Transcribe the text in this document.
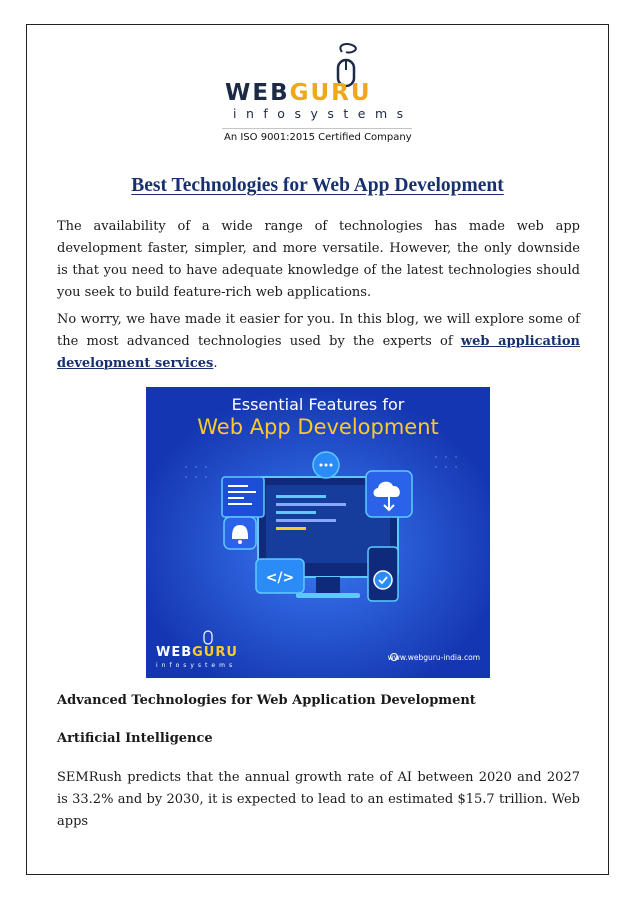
WEBGURU
infosystems
An ISO 9001:2015 Certified Company
Best Technologies for Web App Development

The availability of a wide range of technologies has made web app development faster, simpler, and more versatile. However, the only downside is that you need to have adequate knowledge of the latest technologies should you seek to build feature-rich web applications.

No worry, we have made it easier for you. In this blog, we will explore some of the most advanced technologies used by the experts of web application development services.

</>
Essential Features for
Web App Development
WEBGURU
infosystems
www.webguru-india.com
Advanced Technologies for Web Application Development
Artificial Intelligence

SEMRush predicts that the annual growth rate of AI between 2020 and 2027 is 33.2% and by 2030, it is expected to lead to an estimated $15.7 trillion. Web apps
